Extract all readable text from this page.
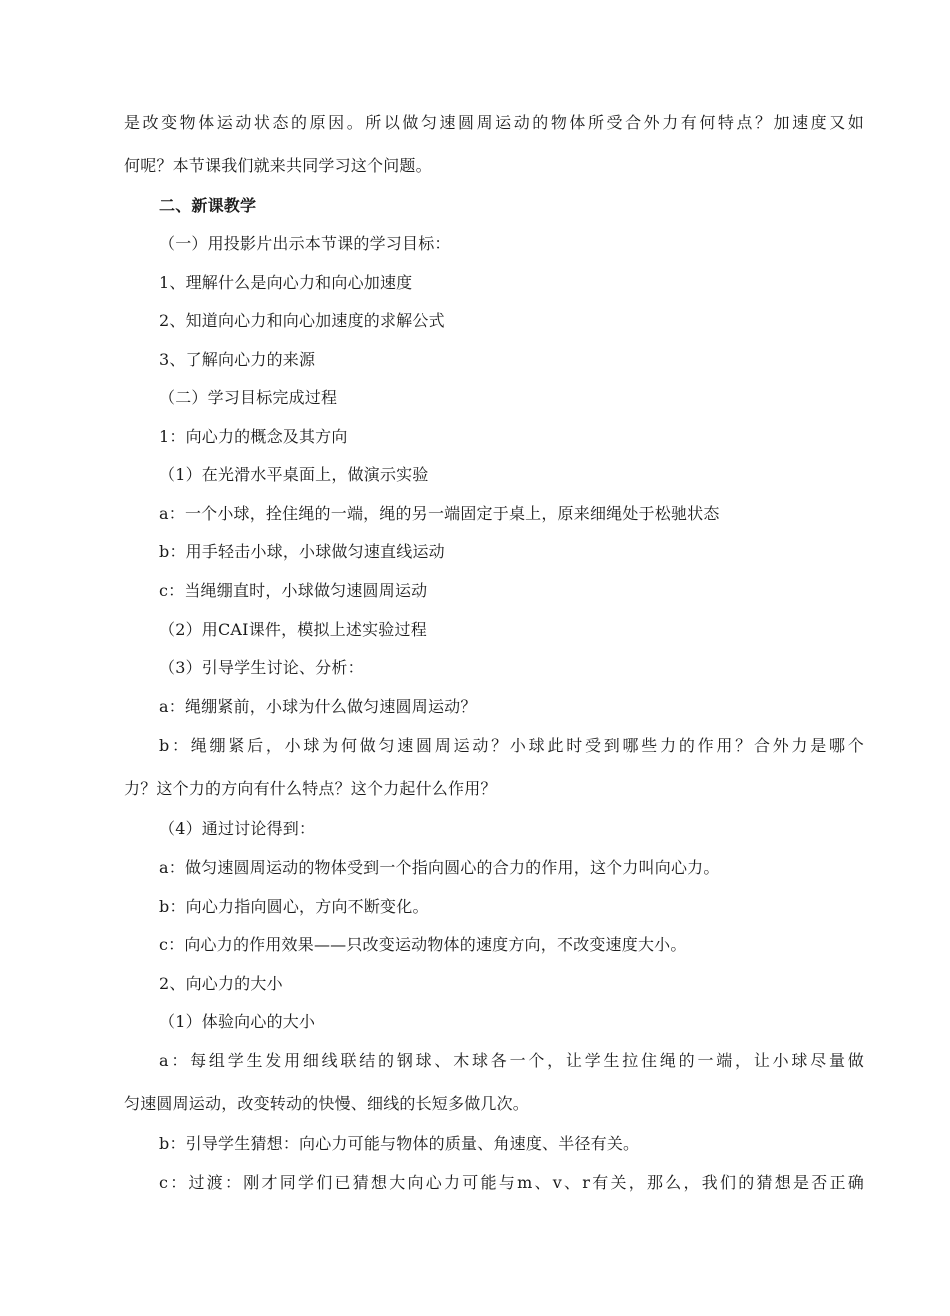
是改变物体运动状态的原因。所以做匀速圆周运动的物体所受合外力有何特点？加速度又如
何呢？本节课我们就来共同学习这个问题。
二、新课教学
（一）用投影片出示本节课的学习目标：
1、理解什么是向心力和向心加速度
2、知道向心力和向心加速度的求解公式
3、了解向心力的来源
（二）学习目标完成过程
1：向心力的概念及其方向
（1）在光滑水平桌面上，做演示实验
a：一个小球，拴住绳的一端，绳的另一端固定于桌上，原来细绳处于松驰状态
b：用手轻击小球，小球做匀速直线运动
c：当绳绷直时，小球做匀速圆周运动
（2）用CAI课件，模拟上述实验过程
（3）引导学生讨论、分析：
a：绳绷紧前，小球为什么做匀速圆周运动？
b：绳绷紧后，小球为何做匀速圆周运动？小球此时受到哪些力的作用？合外力是哪个
力？这个力的方向有什么特点？这个力起什么作用？
（4）通过讨论得到：
a：做匀速圆周运动的物体受到一个指向圆心的合力的作用，这个力叫向心力。
b：向心力指向圆心，方向不断变化。
c：向心力的作用效果——只改变运动物体的速度方向，不改变速度大小。
2、向心力的大小
（1）体验向心的大小
a：每组学生发用细线联结的钢球、木球各一个，让学生拉住绳的一端，让小球尽量做
匀速圆周运动，改变转动的快慢、细线的长短多做几次。
b：引导学生猜想：向心力可能与物体的质量、角速度、半径有关。
c：过渡：刚才同学们已猜想大向心力可能与m、v、r有关，那么，我们的猜想是否正确
